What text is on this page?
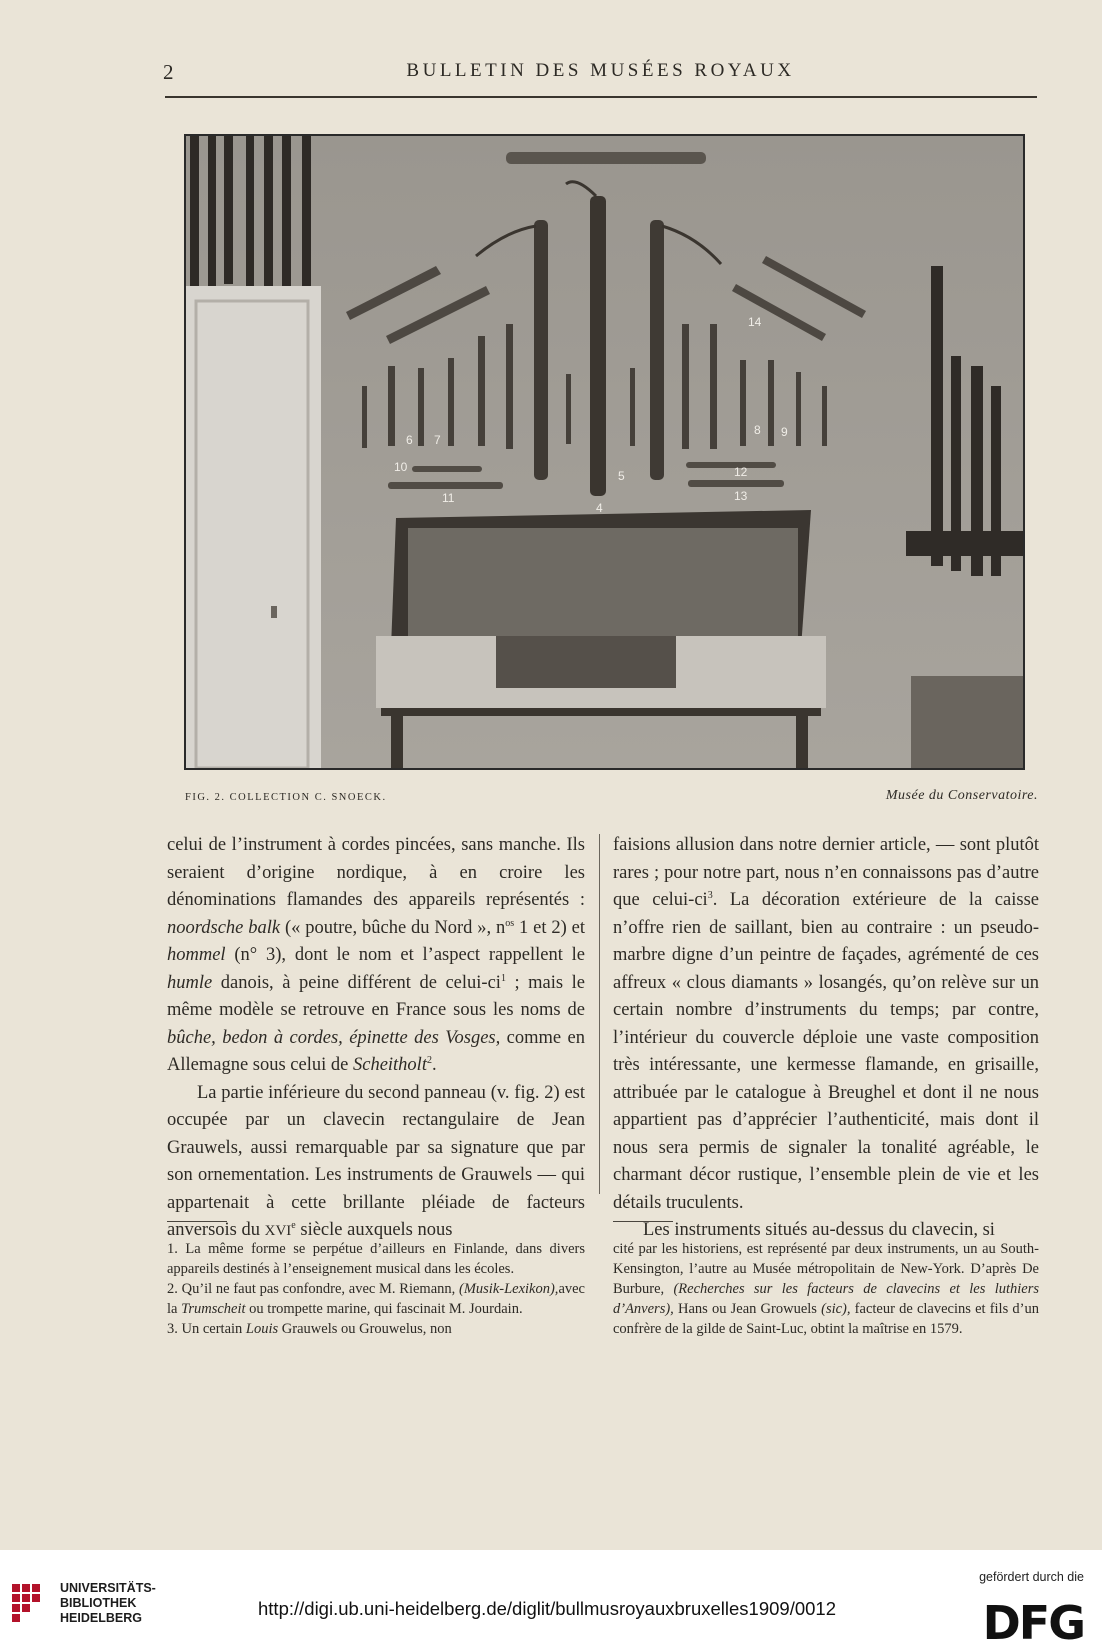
2	BULLETIN DES MUSÉES ROYAUX
4
5
6 7
8 9
10
11
12
13
14
FIG. 2. COLLECTION C. SNOECK.	Musée du Conservatoire.

celui de l’instrument à cordes pincées, sans manche. Ils seraient d’origine nordique, à en croire les dénominations flamandes des appareils représentés : noordsche balk (« poutre, bûche du Nord », $n^{os}$ 1 et 2) et hommel (n° 3), dont le nom et l’aspect rappellent le humle danois, à peine différent de celui-$ci^1$ ; mais le même modèle se retrouve en France sous les noms de bûche, bedon à cordes, épinette des Vosges, comme en Allemagne sous celui de Scheitholt$^2$.

La partie inférieure du second panneau (v. fig. 2) est occupée par un clavecin rectangulaire de Jean Grauwels, aussi remarquable par sa signature que par son ornementation. Les instruments de Grauwels — qui appartenait à cette brillante pléiade de facteurs anversois du XVIe siècle auxquels nous

faisions allusion dans notre dernier article, — sont plutôt rares ; pour notre part, nous n’en connaissons pas d’autre que celui-$ci^3$. La décoration extérieure de la caisse n’offre rien de saillant, bien au contraire : un pseudo-marbre digne d’un peintre de façades, agrémenté de ces affreux « clous diamants » losangés, qu’on relève sur un certain nombre d’instruments du temps; par contre, l’intérieur du couvercle déploie une vaste composition très intéressante, une kermesse flamande, en grisaille, attribuée par le catalogue à Breughel et dont il ne nous appartient pas d’apprécier l’authenticité, mais dont il nous sera permis de signaler la tonalité agréable, le charmant décor rustique, l’ensemble plein de vie et les détails truculents.

Les instruments situés au-dessus du clavecin, si

1. La même forme se perpétue d’ailleurs en Finlande, dans divers appareils destinés à l’enseignement musical dans les écoles.

2. Qu’il ne faut pas confondre, avec M. Riemann, (Musik-Lexikon),avec la Trumscheit ou trompette marine, qui fascinait M. Jourdain.

3. Un certain Louis Grauwels ou Grouwelus, non

cité par les historiens, est représenté par deux instruments, un au South-Kensington, l’autre au Musée métropolitain de New-York. D’après De Burbure, (Recherches sur les facteurs de clavecins et les luthiers d’Anvers), Hans ou Jean Growuels (sic), facteur de clavecins et fils d’un confrère de la gilde de Saint-Luc, obtint la maîtrise en 1579.

UNIVERSITÄTS-
BIBLIOTHEK
HEIDELBERG	http://digi.ub.uni-heidelberg.de/diglit/bullmusroyauxbruxelles1909/0012
gefördert durch die
DFG
